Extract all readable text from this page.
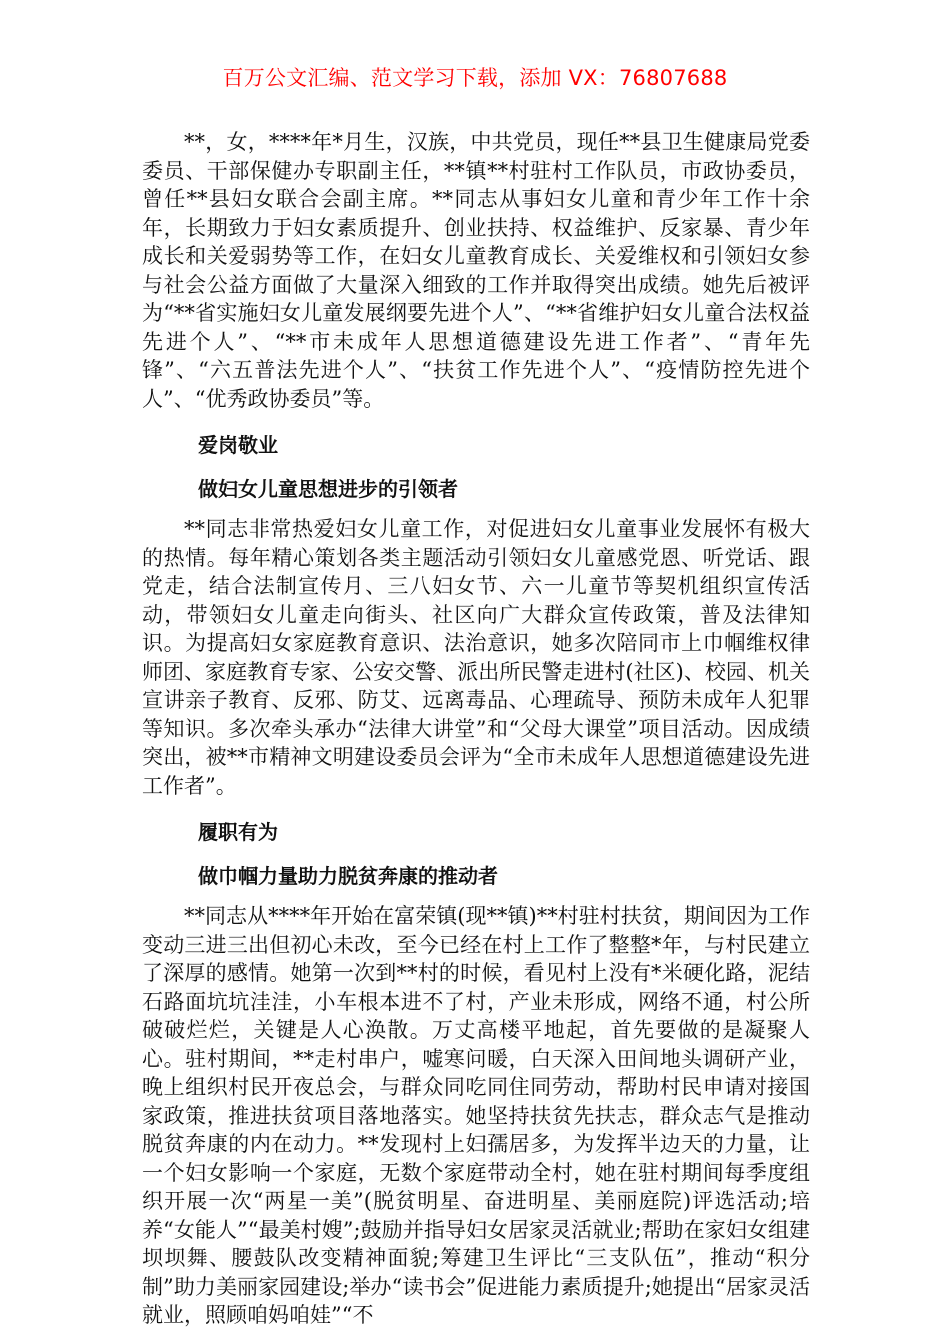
百万公文汇编、范文学习下载，添加 VX：76807688

**，女，****年*月生，汉族，中共党员，现任**县卫生健康局党委委员、干部保健办专职副主任，**镇**村驻村工作队员，市政协委员，曾任**县妇女联合会副主席。**同志从事妇女儿童和青少年工作十余年，长期致力于妇女素质提升、创业扶持、权益维护、反家暴、青少年成长和关爱弱势等工作，在妇女儿童教育成长、关爱维权和引领妇女参与社会公益方面做了大量深入细致的工作并取得突出成绩。她先后被评为“**省实施妇女儿童发展纲要先进个人”、“**省维护妇女儿童合法权益先进个人”、“**市未成年人思想道德建设先进工作者”、“青年先锋”、“六五普法先进个人”、“扶贫工作先进个人”、“疫情防控先进个人”、“优秀政协委员”等。

爱岗敬业
做妇女儿童思想进步的引领者

**同志非常热爱妇女儿童工作，对促进妇女儿童事业发展怀有极大的热情。每年精心策划各类主题活动引领妇女儿童感党恩、听党话、跟党走，结合法制宣传月、三八妇女节、六一儿童节等契机组织宣传活动，带领妇女儿童走向街头、社区向广大群众宣传政策，普及法律知识。为提高妇女家庭教育意识、法治意识，她多次陪同市上巾帼维权律师团、家庭教育专家、公安交警、派出所民警走进村(社区)、校园、机关宣讲亲子教育、反邪、防艾、远离毒品、心理疏导、预防未成年人犯罪等知识。多次牵头承办“法律大讲堂”和“父母大课堂”项目活动。因成绩突出，被**市精神文明建设委员会评为“全市未成年人思想道德建设先进工作者”。

履职有为
做巾帼力量助力脱贫奔康的推动者

**同志从****年开始在富荣镇(现**镇)**村驻村扶贫，期间因为工作变动三进三出但初心未改，至今已经在村上工作了整整*年，与村民建立了深厚的感情。她第一次到**村的时候，看见村上没有*米硬化路，泥结石路面坑坑洼洼，小车根本进不了村，产业未形成，网络不通，村公所破破烂烂，关键是人心涣散。万丈高楼平地起，首先要做的是凝聚人心。驻村期间，**走村串户，嘘寒问暖，白天深入田间地头调研产业，晚上组织村民开夜总会，与群众同吃同住同劳动，帮助村民申请对接国家政策，推进扶贫项目落地落实。她坚持扶贫先扶志，群众志气是推动脱贫奔康的内在动力。**发现村上妇孺居多，为发挥半边天的力量，让一个妇女影响一个家庭，无数个家庭带动全村，她在驻村期间每季度组织开展一次“两星一美”(脱贫明星、奋进明星、美丽庭院)评选活动;培养“女能人”“最美村嫂”;鼓励并指导妇女居家灵活就业;帮助在家妇女组建坝坝舞、腰鼓队改变精神面貌;筹建卫生评比“三支队伍”，推动“积分制”助力美丽家园建设;举办“读书会”促进能力素质提升;她提出“居家灵活就业，照顾咱妈咱娃”“不
